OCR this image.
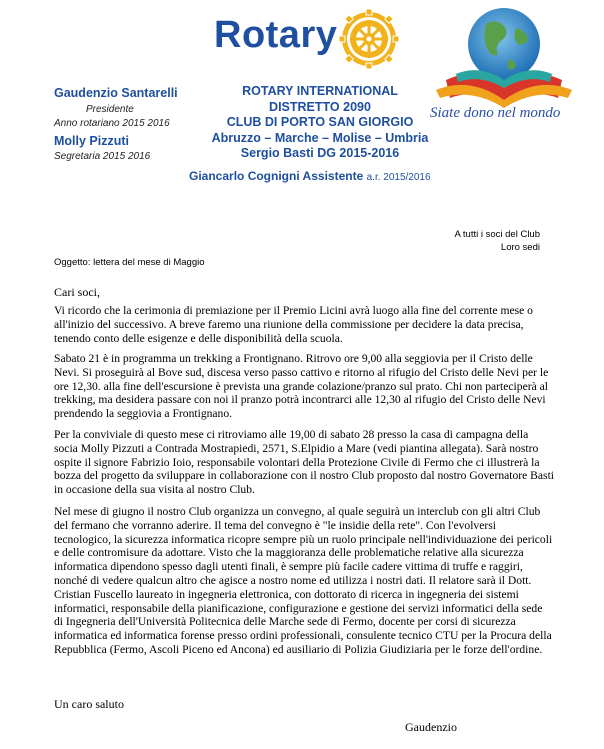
Rotary
Siate dono nel mondo
Gaudenzio Santarelli
Presidente
Anno rotariano 2015 2016
Molly Pizzuti
Segretaria 2015 2016
ROTARY INTERNATIONAL
DISTRETTO 2090
CLUB DI PORTO SAN GIORGIO
Abruzzo – Marche – Molise – Umbria
Sergio Basti DG 2015-2016
Giancarlo Cognigni Assistente a.r. 2015/2016
A tutti i soci del Club
Loro sedi
Oggetto: lettera del mese di Maggio
Cari soci,
Vi ricordo che la cerimonia di premiazione per il Premio Licini avrà luogo alla fine del corrente mese o all'inizio del successivo. A breve faremo una riunione della commissione per decidere la data precisa, tenendo conto delle esigenze e delle disponibilità della scuola.
Sabato 21 è in programma un trekking a Frontignano. Ritrovo ore 9,00 alla seggiovia per il Cristo delle Nevi. Si proseguirà al Bove sud, discesa verso passo cattivo e ritorno al rifugio del Cristo delle Nevi per le ore 12,30. alla fine dell'escursione è prevista una grande colazione/pranzo sul prato. Chi non parteciperà al trekking, ma desidera passare con noi il pranzo potrà incontrarci alle 12,30 al rifugio del Cristo delle Nevi prendendo la seggiovia a Frontignano.
Per la conviviale di questo mese ci ritroviamo alle 19,00 di sabato 28 presso la casa di campagna della socia Molly Pizzuti a Contrada Mostrapiedi, 2571, S.Elpidio a Mare (vedi piantina allegata). Sarà nostro ospite il signore Fabrizio Ioio, responsabile volontari della Protezione Civile di Fermo che ci illustrerà la bozza del progetto da sviluppare in collaborazione con il nostro Club proposto dal nostro Governatore Basti in occasione della sua visita al nostro Club.
Nel mese di giugno il nostro Club organizza un convegno, al quale seguirà un interclub con gli altri Club del fermano che vorranno aderire. Il tema del convegno è "le insidie della rete". Con l'evolversi tecnologico, la sicurezza informatica ricopre sempre più un ruolo principale nell'individuazione dei pericoli e delle contromisure da adottare. Visto che la maggioranza delle problematiche relative alla sicurezza informatica dipendono spesso dagli utenti finali, è sempre più facile cadere vittima di truffe e raggiri, nonché di vedere qualcun altro che agisce a nostro nome ed utilizza i nostri dati. Il relatore sarà il Dott. Cristian Fuscello laureato in ingegneria elettronica, con dottorato di ricerca in ingegneria dei sistemi informatici, responsabile della pianificazione, configurazione e gestione dei servizi informatici della sede di Ingegneria dell'Università Politecnica delle Marche sede di Fermo, docente per corsi di sicurezza informatica ed informatica forense presso ordini professionali, consulente tecnico CTU per la Procura della Repubblica (Fermo, Ascoli Piceno ed Ancona) ed ausiliario di Polizia Giudiziaria per le forze dell'ordine.
Un caro saluto
Gaudenzio
